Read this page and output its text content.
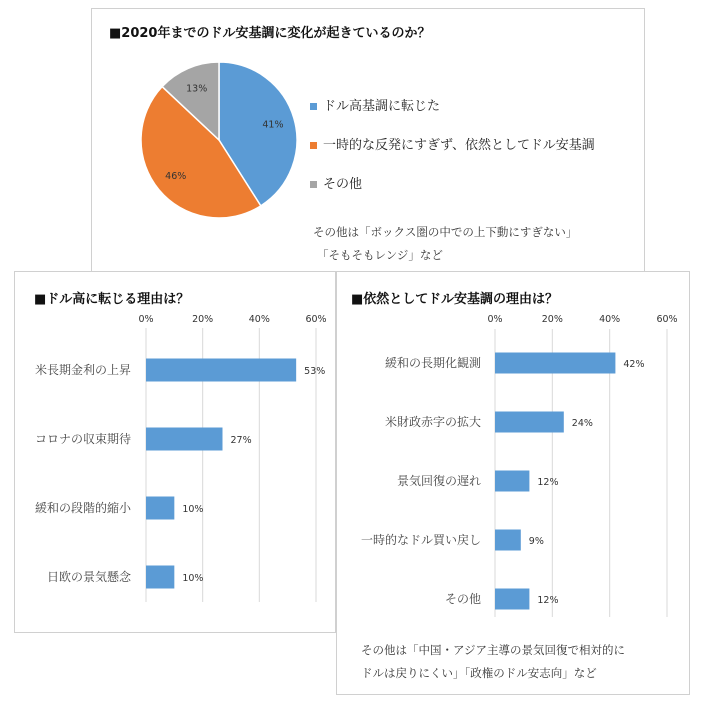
■2020年までのドル安基調に変化が起きているのか？
41%
46%
13%
ドル高基調に転じた
一時的な反発にすぎず、依然としてドル安基調
その他
その他は「ボックス圏の中での上下動にすぎない」
「そもそもレンジ」など
■ドル高に転じる理由は？
0%	20%	40%	60%
米長期金利の上昇	53%
コロナの収束期待	27%
緩和の段階的縮小	10%
日欧の景気懸念	10%
■依然としてドル安基調の理由は？
0%	20%	40%	60%
緩和の長期化観測	42%
米財政赤字の拡大	24%
景気回復の遅れ	12%
一時的なドル買い戻し	9%
その他	12%
その他は「中国・アジア主導の景気回復で相対的に
ドルは戻りにくい」「政権のドル安志向」など
